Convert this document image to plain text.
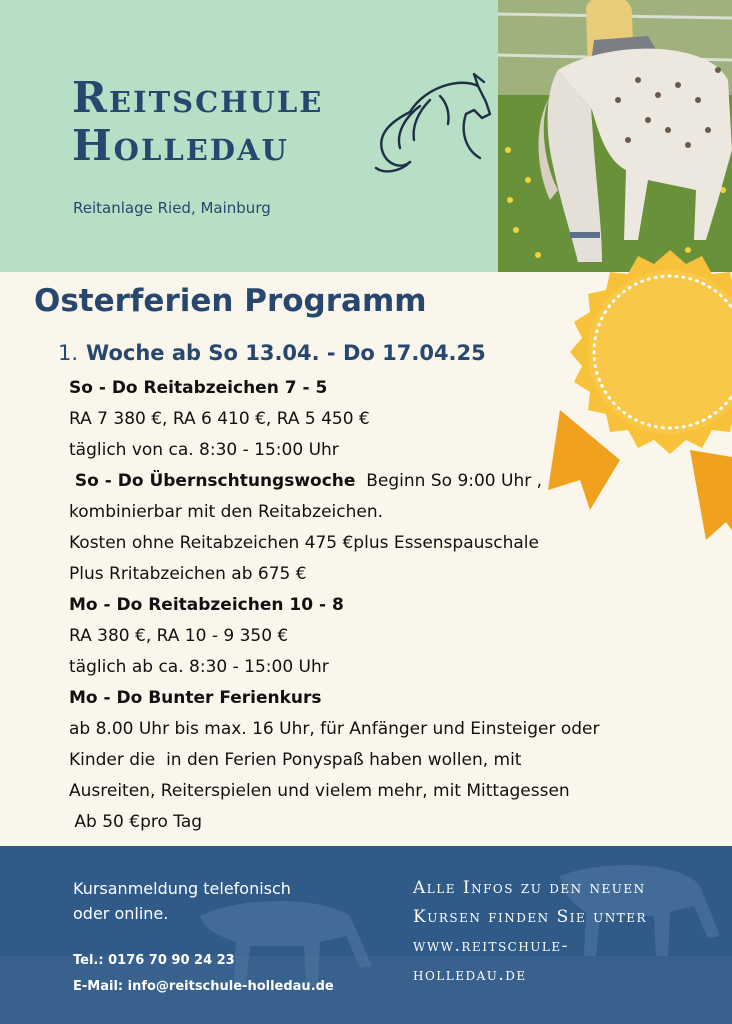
Reitschule
Holledau
Reitanlage Ried, Mainburg
Osterferien Programm
1. Woche ab So 13.04. - Do 17.04.25
So - Do Reitabzeichen 7 - 5
RA 7 380 €, RA 6 410 €, RA 5 450 €
täglich von ca. 8:30 - 15:00 Uhr
So - Do Übernschtungswoche  Beginn So 9:00 Uhr ,
kombinierbar mit den Reitabzeichen.
Kosten ohne Reitabzeichen 475 €plus Essenspauschale
Plus Rritabzeichen ab 675 €
Mo - Do Reitabzeichen 10 - 8
RA 380 €, RA 10 - 9 350 €
täglich ab ca. 8:30 - 15:00 Uhr
Mo - Do Bunter Ferienkurs
ab 8.00 Uhr bis max. 16 Uhr, für Anfänger und Einsteiger oder
Kinder die  in den Ferien Ponyspaß haben wollen, mit
Ausreiten, Reiterspielen und vielem mehr, mit Mittagessen
Ab 50 €pro Tag
Kursanmeldung telefonisch
oder online.
Tel.: 0176 70 90 24 23
E-Mail: info@reitschule-holledau.de
Alle Infos zu den neuen
Kursen finden Sie unter
www.reitschule-
holledau.de
